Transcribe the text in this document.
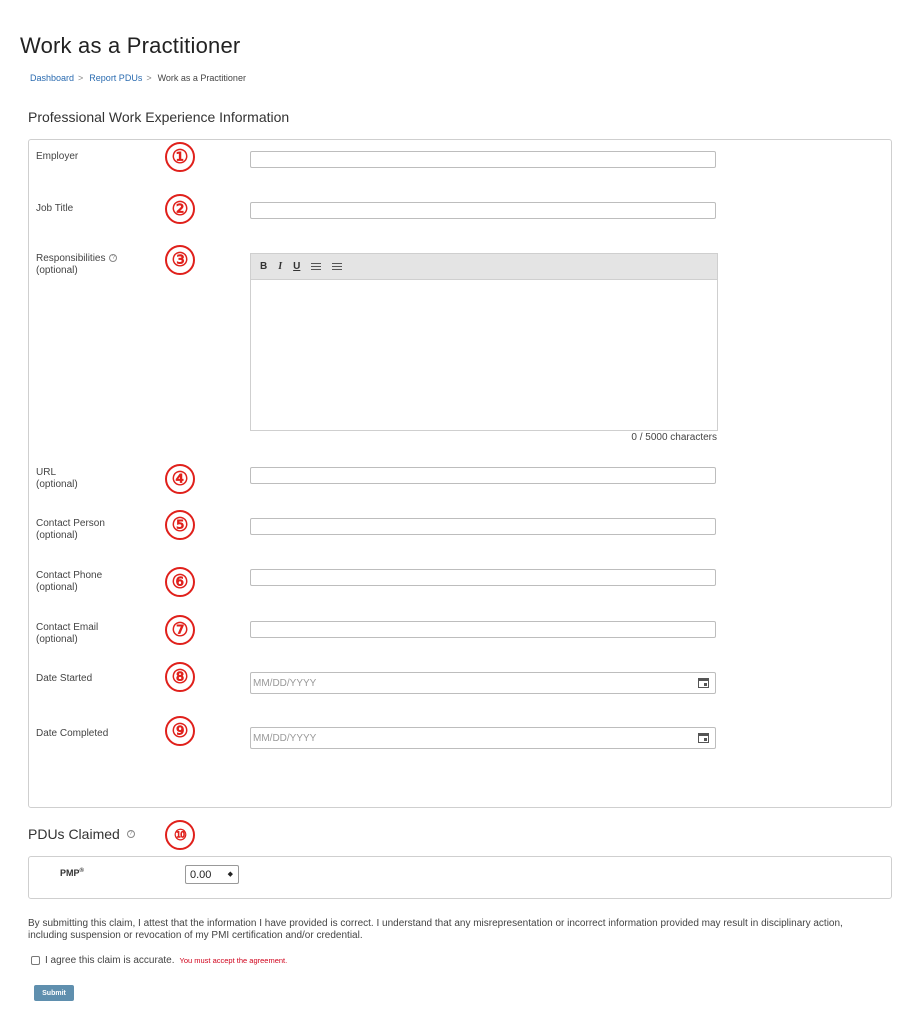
Work as a Practitioner
Dashboard > Report PDUs > Work as a Practitioner
Professional Work Experience Information
Employer	①
Job Title	②
Responsibilities ?
(optional)	③	B I U
0 / 5000 characters
URL
(optional)	④
Contact Person
(optional)	⑤
Contact Phone
(optional)	⑥
Contact Email
(optional)	⑦
Date Started	⑧	MM/DD/YYYY
Date Completed	⑨	MM/DD/YYYY
PDUs Claimed	?	⑩
PMP®	0.00 ◆
By submitting this claim, I attest that the information I have provided is correct. I understand that any misrepresentation or incorrect information provided may result in disciplinary action, including suspension or revocation of my PMI certification and/or credential.
I agree this claim is accurate. You must accept the agreement.
Submit
